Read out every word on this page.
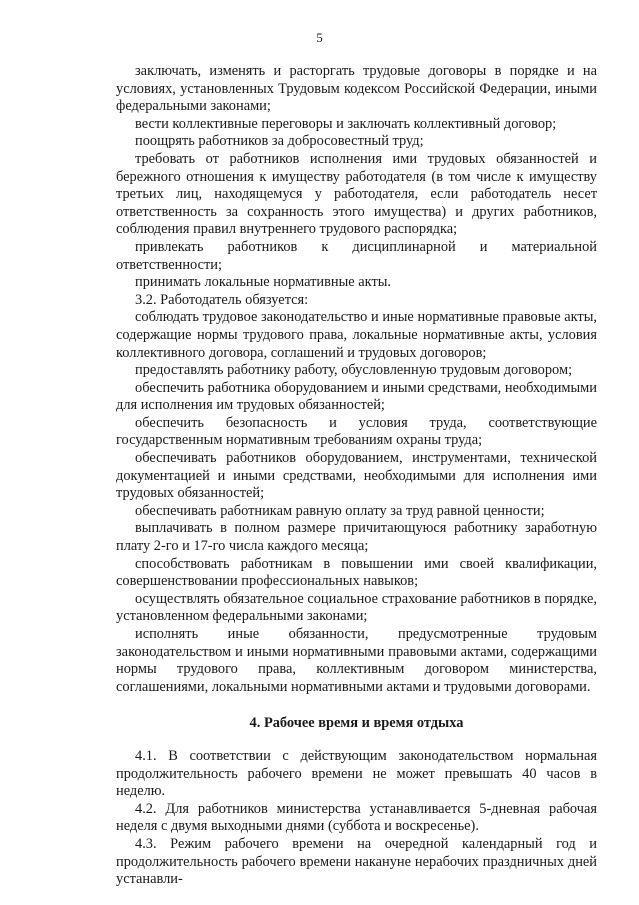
5

заключать, изменять и расторгать трудовые договоры в порядке и на условиях, установленных Трудовым кодексом Российской Федерации, иными федеральными законами;

вести коллективные переговоры и заключать коллективный договор;

поощрять работников за добросовестный труд;

требовать от работников исполнения ими трудовых обязанностей и бережного отношения к имуществу работодателя (в том числе к имуществу третьих лиц, находящемуся у работодателя, если работодатель несет ответственность за сохранность этого имущества) и других работников, соблюдения правил внутреннего трудового распорядка;

привлекать работников к дисциплинарной и материальной ответственности;

принимать локальные нормативные акты.

3.2. Работодатель обязуется:

соблюдать трудовое законодательство и иные нормативные правовые акты, содержащие нормы трудового права, локальные нормативные акты, условия коллективного договора, соглашений и трудовых договоров;

предоставлять работнику работу, обусловленную трудовым договором;

обеспечить работника оборудованием и иными средствами, необходимыми для исполнения им трудовых обязанностей;

обеспечить безопасность и условия труда, соответствующие государственным нормативным требованиям охраны труда;

обеспечивать работников оборудованием, инструментами, технической документацией и иными средствами, необходимыми для исполнения ими трудовых обязанностей;

обеспечивать работникам равную оплату за труд равной ценности;

выплачивать в полном размере причитающуюся работнику заработную плату 2-го и 17-го числа каждого месяца;

способствовать работникам в повышении ими своей квалификации, совершенствовании профессиональных навыков;

осуществлять обязательное социальное страхование работников в порядке, установленном федеральными законами;

исполнять иные обязанности, предусмотренные трудовым законодательством и иными нормативными правовыми актами, содержащими нормы трудового права, коллективным договором министерства, соглашениями, локальными нормативными актами и трудовыми договорами.

4. Рабочее время и время отдыха

4.1. В соответствии с действующим законодательством нормальная продолжительность рабочего времени не может превышать 40 часов в неделю.

4.2. Для работников министерства устанавливается 5-дневная рабочая неделя с двумя выходными днями (суббота и воскресенье).

4.3. Режим рабочего времени на очередной календарный год и продолжительность рабочего времени накануне нерабочих праздничных дней устанавли-
